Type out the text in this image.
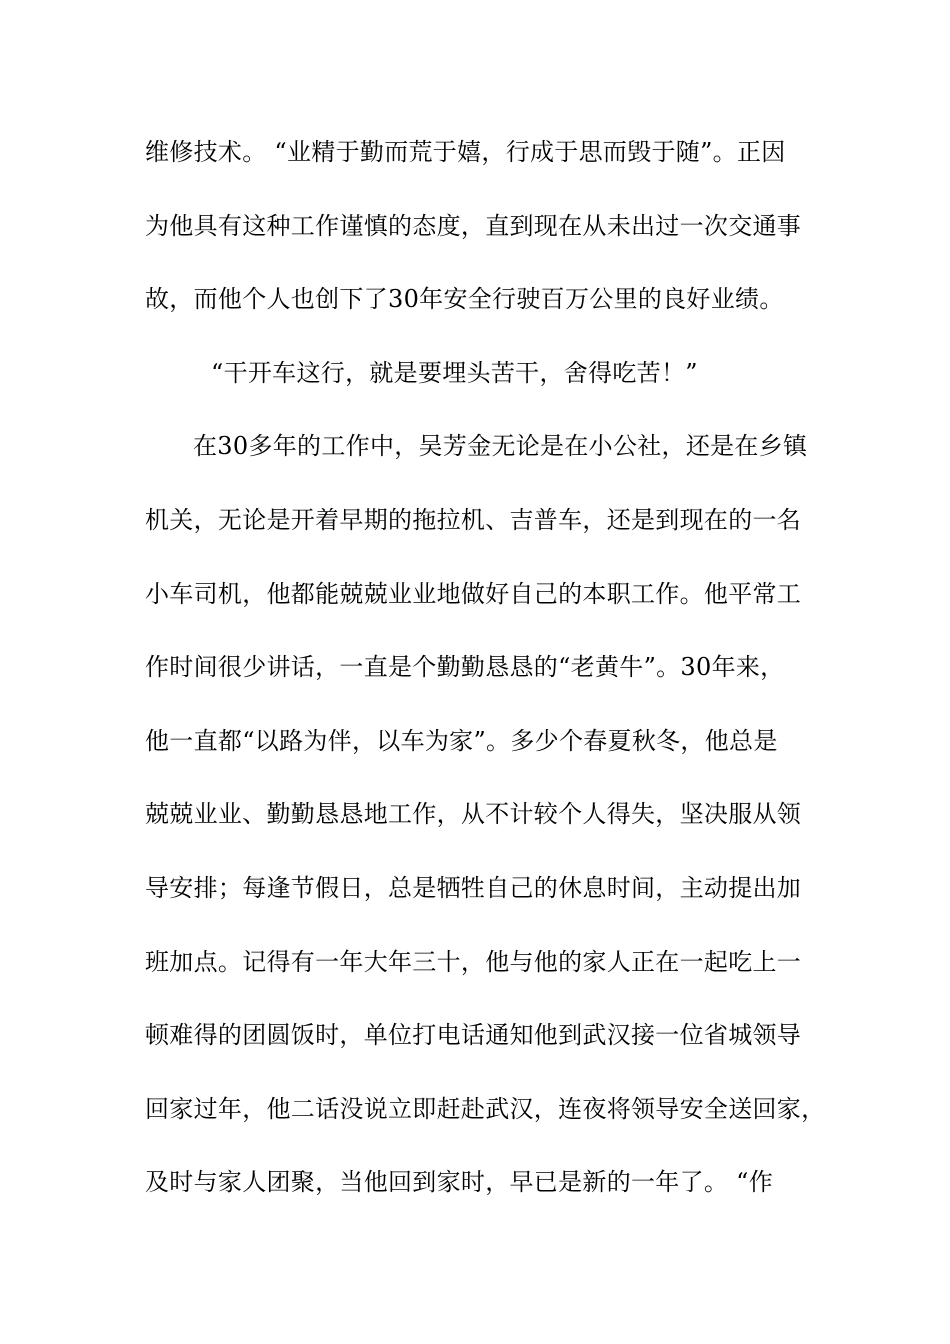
维修技术。 “业精于勤而荒于嬉，行成于思而毁于随”。正因
为他具有这种工作谨慎的态度，直到现在从未出过一次交通事
故，而他个人也创下了30年安全行驶百万公里的良好业绩。
“干开车这行，就是要埋头苦干，舍得吃苦！”
在30多年的工作中，吴芳金无论是在小公社，还是在乡镇
机关，无论是开着早期的拖拉机、吉普车，还是到现在的一名
小车司机，他都能兢兢业业地做好自己的本职工作。他平常工
作时间很少讲话，一直是个勤勤恳恳的“老黄牛”。30年来，
他一直都“以路为伴，以车为家”。多少个春夏秋冬，他总是
兢兢业业、勤勤恳恳地工作，从不计较个人得失，坚决服从领
导安排；每逢节假日，总是牺牲自己的休息时间，主动提出加
班加点。记得有一年大年三十，他与他的家人正在一起吃上一
顿难得的团圆饭时，单位打电话通知他到武汉接一位省城领导
回家过年，他二话没说立即赶赴武汉，连夜将领导安全送回家，
及时与家人团聚，当他回到家时，早已是新的一年了。 “作
